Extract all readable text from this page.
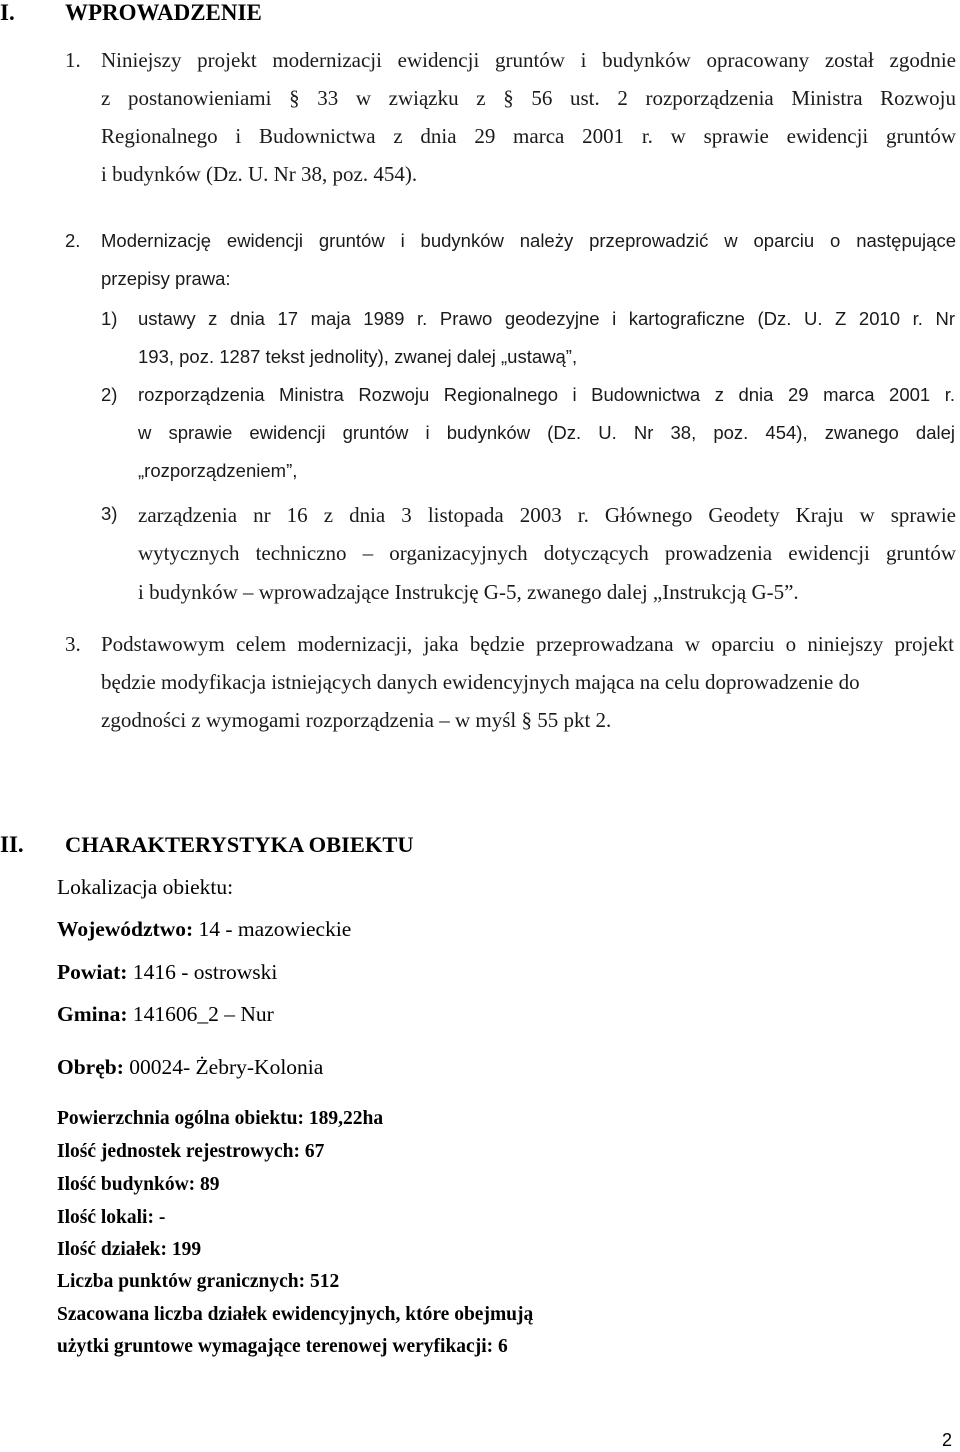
I. WPROWADZENIE
1. Niniejszy projekt modernizacji ewidencji gruntów i budynków opracowany został zgodnie
z postanowieniami § 33 w związku z § 56 ust. 2 rozporządzenia Ministra Rozwoju
Regionalnego i Budownictwa z dnia 29 marca 2001 r. w sprawie ewidencji gruntów
i budynków (Dz. U. Nr 38, poz. 454).
2. Modernizację ewidencji gruntów i budynków należy przeprowadzić w oparciu o następujące
przepisy prawa:
1) ustawy z dnia 17 maja 1989 r. Prawo geodezyjne i kartograficzne (Dz. U. Z 2010 r. Nr
193, poz. 1287 tekst jednolity), zwanej dalej „ustawą”,
2) rozporządzenia Ministra Rozwoju Regionalnego i Budownictwa z dnia 29 marca 2001 r.
w sprawie ewidencji gruntów i budynków (Dz. U. Nr 38, poz. 454), zwanego dalej
„rozporządzeniem”,
3) zarządzenia nr 16 z dnia 3 listopada 2003 r. Głównego Geodety Kraju w sprawie
wytycznych techniczno – organizacyjnych dotyczących prowadzenia ewidencji gruntów
i budynków – wprowadzające Instrukcję G-5, zwanego dalej „Instrukcją G-5”.
3. Podstawowym celem modernizacji, jaka będzie przeprowadzana w oparciu o niniejszy projekt
będzie modyfikacja istniejących danych ewidencyjnych mająca na celu doprowadzenie do
zgodności z wymogami rozporządzenia – w myśl § 55 pkt 2.
II. CHARAKTERYSTYKA OBIEKTU
Lokalizacja obiektu:
Województwo: 14 - mazowieckie
Powiat: 1416 - ostrowski
Gmina: 141606_2 – Nur
Obręb: 00024- Żebry-Kolonia
Powierzchnia ogólna obiektu: 189,22ha
Ilość jednostek rejestrowych: 67
Ilość budynków: 89
Ilość lokali: -
Ilość działek: 199
Liczba punktów granicznych: 512
Szacowana liczba działek ewidencyjnych, które obejmują
użytki gruntowe wymagające terenowej weryfikacji: 6
2
